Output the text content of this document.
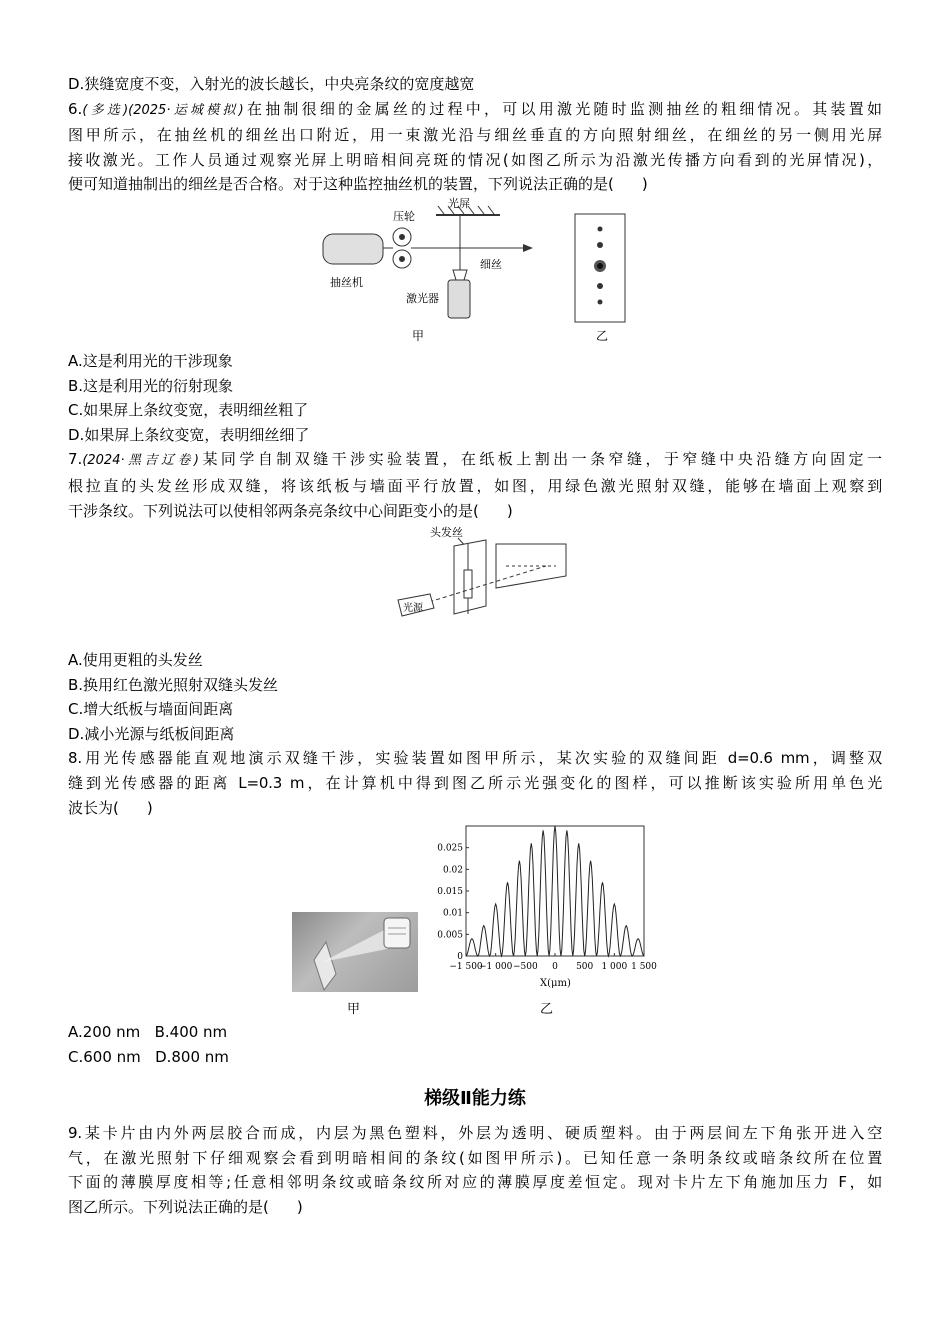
D.狭缝宽度不变，入射光的波长越长，中央亮条纹的宽度越宽
6.(多选)(2025·运城模拟)在抽制很细的金属丝的过程中，可以用激光随时监测抽丝的粗细情况。其装置如
图甲所示，在抽丝机的细丝出口附近，用一束激光沿与细丝垂直的方向照射细丝，在细丝的另一侧用光屏
接收激光。工作人员通过观察光屏上明暗相间亮斑的情况(如图乙所示为沿激光传播方向看到的光屏情况)，
便可知道抽制出的细丝是否合格。对于这种监控抽丝机的装置，下列说法正确的是( )
抽丝机
压轮
光屏
细丝
激光器
甲	乙
A.这是利用光的干涉现象
B.这是利用光的衍射现象
C.如果屏上条纹变宽，表明细丝粗了
D.如果屏上条纹变宽，表明细丝细了
7.(2024·黑吉辽卷)某同学自制双缝干涉实验装置，在纸板上割出一条窄缝，于窄缝中央沿缝方向固定一
根拉直的头发丝形成双缝，将该纸板与墙面平行放置，如图，用绿色激光照射双缝，能够在墙面上观察到
干涉条纹。下列说法可以使相邻两条亮条纹中心间距变小的是( )
头发丝
光源
A.使用更粗的头发丝
B.换用红色激光照射双缝头发丝
C.增大纸板与墙面间距离
D.减小光源与纸板间距离
8.用光传感器能直观地演示双缝干涉，实验装置如图甲所示，某次实验的双缝间距 d=0.6 mm，调整双
缝到光传感器的距离 L=0.3 m，在计算机中得到图乙所示光强变化的图样，可以推断该实验所用单色光
波长为( )
甲
0
0.005
0.01
0.015
0.02
0.025
−1 500
−1 000 −500 0 500 1 000 1 500
X(μm)
乙
A.200 nm   B.400 nm
C.600 nm   D.800 nm
梯级Ⅱ能力练
9.某卡片由内外两层胶合而成，内层为黑色塑料，外层为透明、硬质塑料。由于两层间左下角张开进入空
气，在激光照射下仔细观察会看到明暗相间的条纹(如图甲所示)。已知任意一条明条纹或暗条纹所在位置
下面的薄膜厚度相等;任意相邻明条纹或暗条纹所对应的薄膜厚度差恒定。现对卡片左下角施加压力 F，如
图乙所示。下列说法正确的是( )
